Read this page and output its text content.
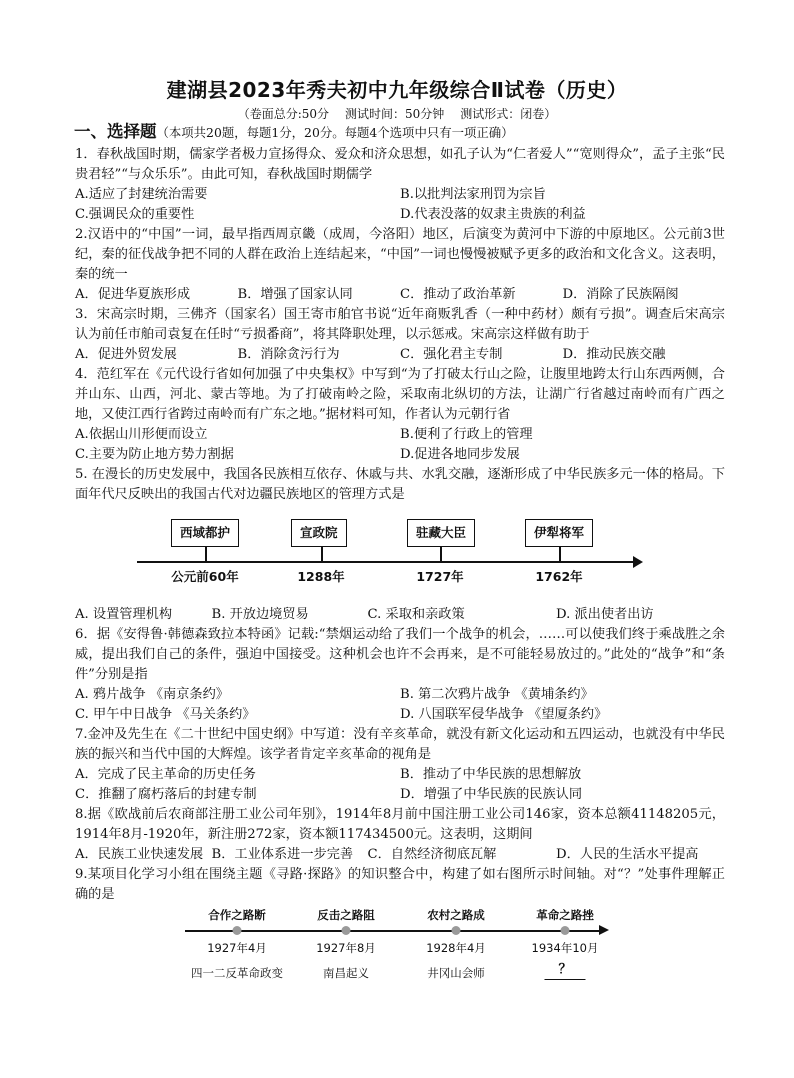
建湖县2023年秀夫初中九年级综合Ⅱ试卷（历史）
（卷面总分:50分 测试时间：50分钟 测试形式：闭卷）
一、选择题（本项共20题，每题1分，20分。每题4个选项中只有一项正确）

1．春秋战国时期，儒家学者极力宣扬得众、爱众和济众思想，如孔子认为“仁者爱人”“宽则得众”，孟子主张“民贵君轻”“与众乐乐”。由此可知，春秋战国时期儒学

A.适应了封建统治需要	B.以批判法家刑罚为宗旨
C.强调民众的重要性	D.代表没落的奴隶主贵族的利益

2.汉语中的“中国”一词，最早指西周京畿（成周，今洛阳）地区，后演变为黄河中下游的中原地区。公元前3世纪，秦的征伐战争把不同的人群在政治上连结起来，“中国”一词也慢慢被赋予更多的政治和文化含义。这表明，秦的统一

A．促进华夏族形成	B．增强了国家认同	C．推动了政治革新	D．消除了民族隔阂

3．宋高宗时期，三佛齐（国家名）国王寄市舶官书说“近年商贩乳香（一种中药材）颇有亏损”。调查后宋高宗认为前任市舶司袁复在任时“亏损番商”，将其降职处理，以示惩戒。宋高宗这样做有助于

A．促进外贸发展	B．消除贪污行为	C．强化君主专制	D．推动民族交融

4．范红军在《元代设行省如何加强了中央集权》中写到“为了打破太行山之险，让腹里地跨太行山东西两侧，合并山东、山西，河北、蒙古等地。为了打破南岭之险，采取南北纵切的方法，让湖广行省越过南岭而有广西之地，又使江西行省跨过南岭而有广东之地。”据材料可知，作者认为元朝行省

A.依据山川形便而设立	B.便利了行政上的管理
C.主要为防止地方势力割据	D.促进各地同步发展

5. 在漫长的历史发展中，我国各民族相互依存、休戚与共、水乳交融，逐渐形成了中华民族多元一体的格局。下面年代尺反映出的我国古代对边疆民族地区的管理方式是

西域都护
公元前60年
宣政院
1288年
驻藏大臣
1727年
伊犁将军
1762年
A. 设置管理机构	B. 开放边境贸易	C. 采取和亲政策	D. 派出使者出访

6．据《安得鲁·韩德森致拉本特函》记载:“禁烟运动给了我们一个战争的机会，……可以使我们终于乘战胜之余威，提出我们自己的条件，强迫中国接受。这种机会也许不会再来，是不可能轻易放过的。”此处的“战争”和“条件”分别是指

A. 鸦片战争 《南京条约》	B. 第二次鸦片战争 《黄埔条约》
C. 甲午中日战争 《马关条约》	D. 八国联军侵华战争 《望厦条约》

7.金冲及先生在《二十世纪中国史纲》中写道：没有辛亥革命，就没有新文化运动和五四运动，也就没有中华民族的振兴和当代中国的大辉煌。该学者肯定辛亥革命的视角是

A．完成了民主革命的历史任务	B．推动了中华民族的思想解放
C．推翻了腐朽落后的封建专制	D．增强了中华民族的民族认同

8.据《欧战前后农商部注册工业公司年别》，1914年8月前中国注册工业公司146家，资本总额41148205元，1914年8月-1920年，新注册272家，资本额117434500元。这表明，这期间

A．民族工业快速发展 B．工业体系进一步完善	C．自然经济彻底瓦解	D．人民的生活水平提高

9.某项目化学习小组在围绕主题《寻路·探路》的知识整合中，构建了如右图所示时间轴。对“？”处事件理解正确的是

合作之路断
1927年4月
四一二反革命政变
反击之路阻
1927年8月
南昌起义
农村之路成
1928年4月
井冈山会师
革命之路挫
1934年10月
？
